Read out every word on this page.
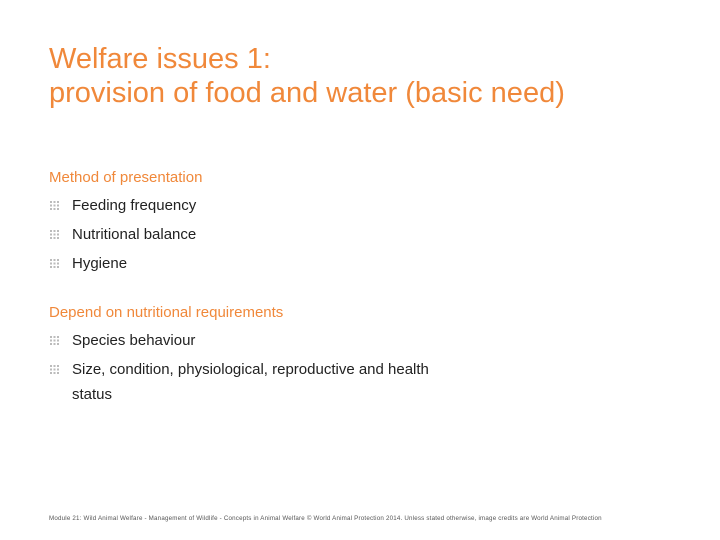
Welfare issues 1:
provision of food and water (basic need)
Method of presentation
Feeding frequency
Nutritional balance
Hygiene
Depend on nutritional requirements
Species behaviour
Size, condition, physiological, reproductive and health status
Module 21: Wild Animal Welfare - Management of Wildlife - Concepts in Animal Welfare © World Animal Protection 2014. Unless stated otherwise, image credits are World Animal Protection
